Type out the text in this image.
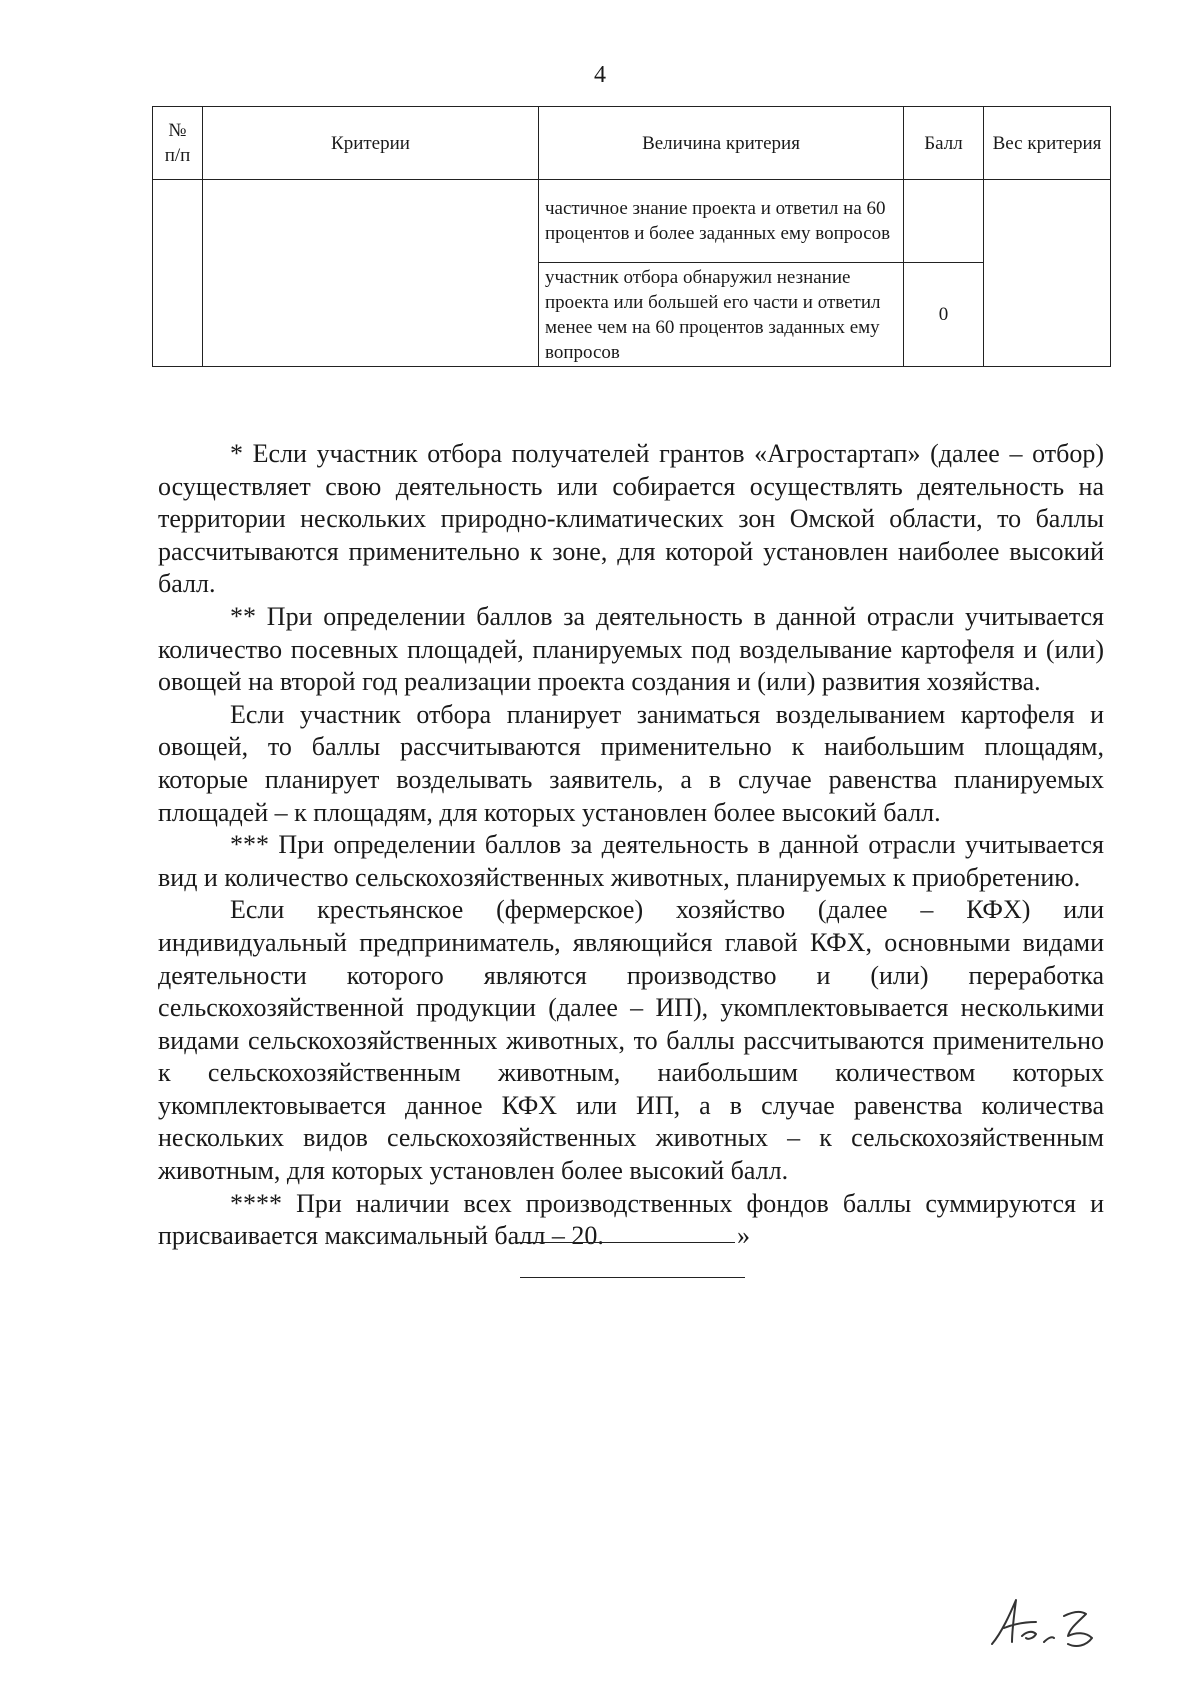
4
№ п/п	Критерии	Величина критерия	Балл	Вес критерия
		частичное знание проекта и ответил на 60 процентов и более заданных ему вопросов		
		участник отбора обнаружил незнание проекта или большей его части и ответил менее чем на 60 процентов заданных ему вопросов	0	

* Если участник отбора получателей грантов «Агростартап» (далее – отбор) осуществляет свою деятельность или собирается осуществлять деятельность на территории нескольких природно-климатических зон Омской области, то баллы рассчитываются применительно к зоне, для которой установлен наиболее высокий балл.

** При определении баллов за деятельность в данной отрасли учитывается количество посевных площадей, планируемых под возделывание картофеля и (или) овощей на второй год реализации проекта создания и (или) развития хозяйства.

Если участник отбора планирует заниматься возделыванием картофеля и овощей, то баллы рассчитываются применительно к наибольшим площадям, которые планирует возделывать заявитель, а в случае равенства планируемых площадей – к площадям, для которых установлен более высокий балл.

*** При определении баллов за деятельность в данной отрасли учитывается вид и количество сельскохозяйственных животных, планируемых к приобретению.

Если крестьянское (фермерское) хозяйство (далее – КФХ) или индивидуальный предприниматель, являющийся главой КФХ, основными видами деятельности которого являются производство и (или) переработка сельскохозяйственной продукции (далее – ИП), укомплектовывается несколькими видами сельскохозяйственных животных, то баллы рассчитываются применительно к сельскохозяйственным животным, наибольшим количеством которых укомплектовывается данное КФХ или ИП, а в случае равенства количества нескольких видов сельскохозяйственных животных – к сельскохозяйственным животным, для которых установлен более высокий балл.

**** При наличии всех производственных фондов баллы суммируются и присваивается максимальный балл – 20.	»
